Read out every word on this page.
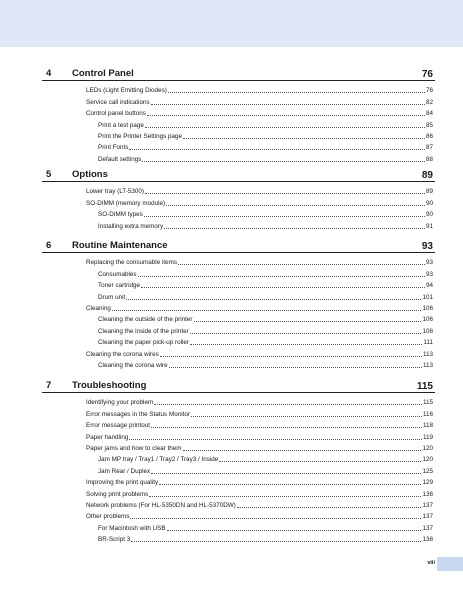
4 Control Panel	76
LEDs (Light Emitting Diodes)	76
Service call indications	82
Control panel buttons	84
Print a test page	85
Print the Printer Settings page	86
Print Fonts	87
Default settings	88
5 Options	89
Lower tray (LT-5300)	89
SO-DIMM (memory module)	90
SO-DIMM types	90
Installing extra memory	91
6 Routine Maintenance	93
Replacing the consumable items	93
Consumables	93
Toner cartridge	94
Drum unit	101
Cleaning	106
Cleaning the outside of the printer	106
Cleaning the inside of the printer	108
Cleaning the paper pick-up roller	111
Cleaning the corona wires	113
Cleaning the corona wire	113
7 Troubleshooting	115
Identifying your problem	115
Error messages in the Status Monitor	116
Error message printout	118
Paper handling	119
Paper jams and how to clear them	120
Jam MP tray / Tray1 / Tray2 / Tray3 / Inside	120
Jam Rear / Duplex	125
Improving the print quality	129
Solving print problems	136
Network problems (For HL-5350DN and HL-5370DW)	137
Other problems	137
For Macintosh with USB	137
BR-Script 3	138
viii
